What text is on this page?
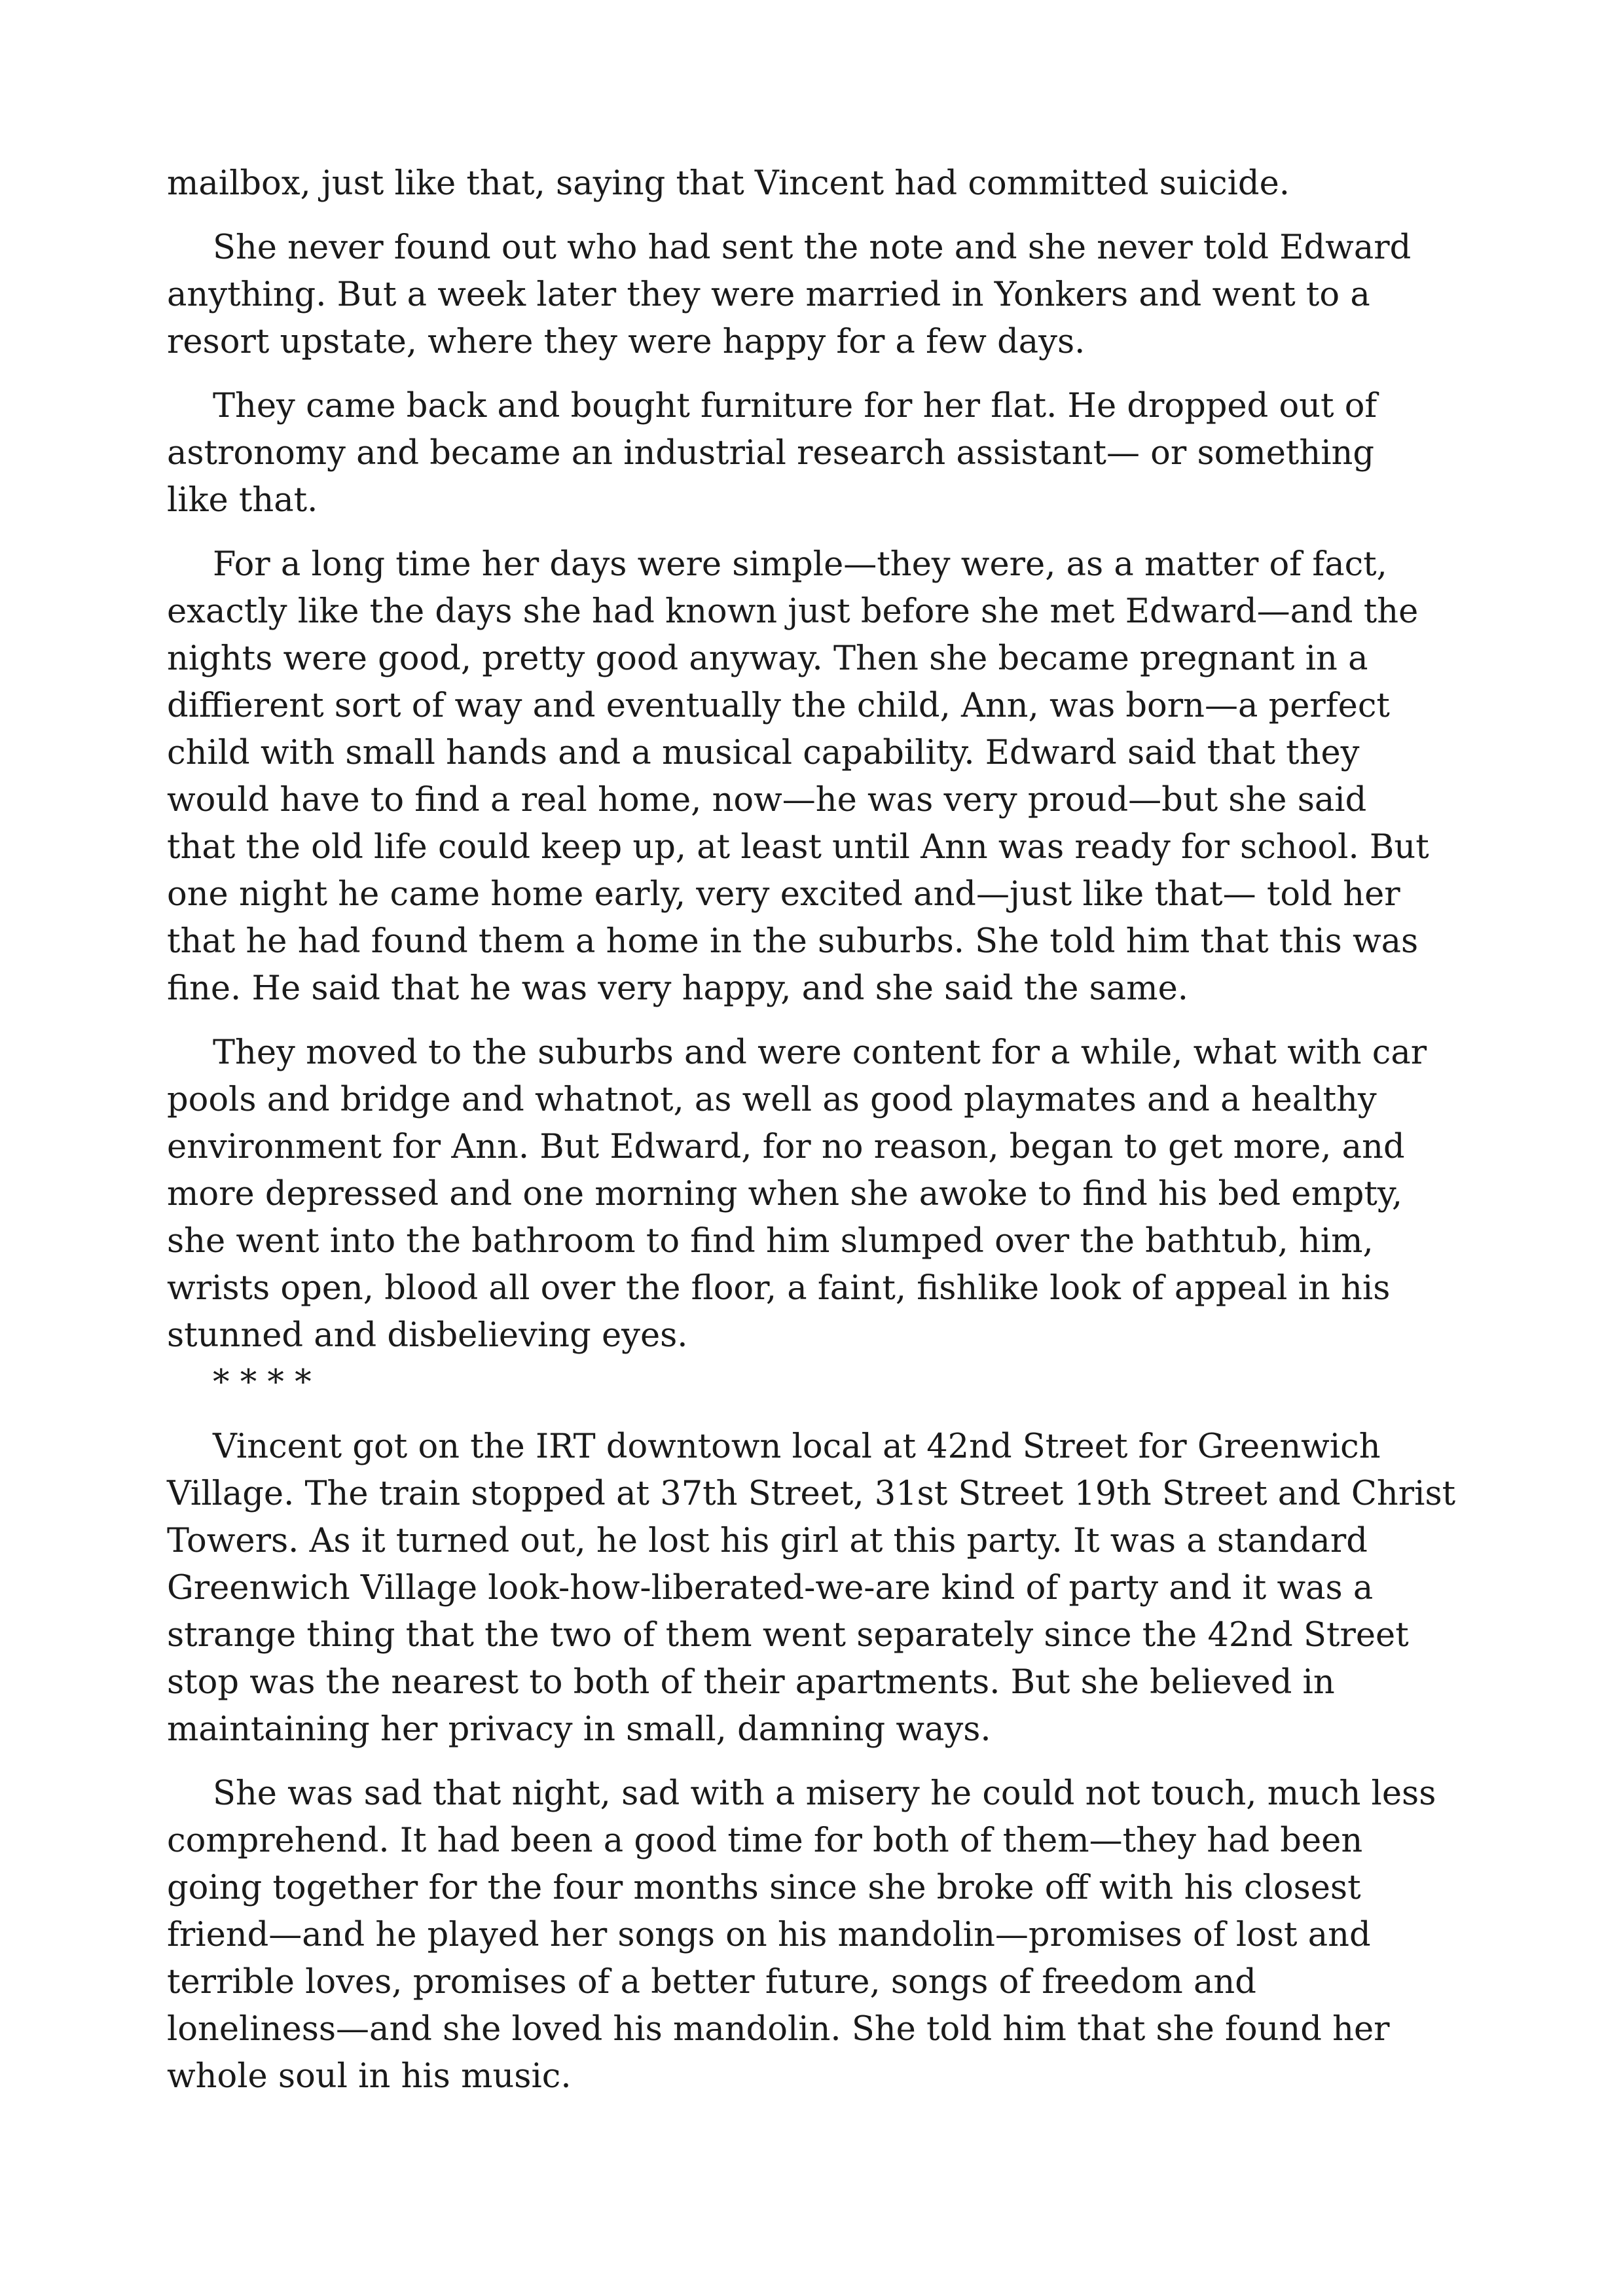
mailbox, just like that, saying that Vincent had committed suicide.

She never found out who had sent the note and she never told Edward
anything. But a week later they were married in Yonkers and went to a
resort upstate, where they were happy for a few days.

They came back and bought furniture for her flat. He dropped out of
astronomy and became an industrial research assistant— or something
like that.

For a long time her days were simple—they were, as a matter of fact,
exactly like the days she had known just before she met Edward—and the
nights were good, pretty good anyway. Then she became pregnant in a
diffierent sort of way and eventually the child, Ann, was born—a perfect
child with small hands and a musical capability. Edward said that they
would have to find a real home, now—he was very proud—but she said
that the old life could keep up, at least until Ann was ready for school. But
one night he came home early, very excited and—just like that— told her
that he had found them a home in the suburbs. She told him that this was
fine. He said that he was very happy, and she said the same.

They moved to the suburbs and were content for a while, what with car
pools and bridge and whatnot, as well as good playmates and a healthy
environment for Ann. But Edward, for no reason, began to get more, and
more depressed and one morning when she awoke to find his bed empty,
she went into the bathroom to find him slumped over the bathtub, him,
wrists open, blood all over the floor, a faint, fishlike look of appeal in his
stunned and disbelieving eyes.

* * * *

Vincent got on the IRT downtown local at 42nd Street for Greenwich
Village. The train stopped at 37th Street, 31st Street 19th Street and Christ
Towers. As it turned out, he lost his girl at this party. It was a standard
Greenwich Village look-how-liberated-we-are kind of party and it was a
strange thing that the two of them went separately since the 42nd Street
stop was the nearest to both of their apartments. But she believed in
maintaining her privacy in small, damning ways.

She was sad that night, sad with a misery he could not touch, much less
comprehend. It had been a good time for both of them—they had been
going together for the four months since she broke off with his closest
friend—and he played her songs on his mandolin—promises of lost and
terrible loves, promises of a better future, songs of freedom and
loneliness—and she loved his mandolin. She told him that she found her
whole soul in his music.
